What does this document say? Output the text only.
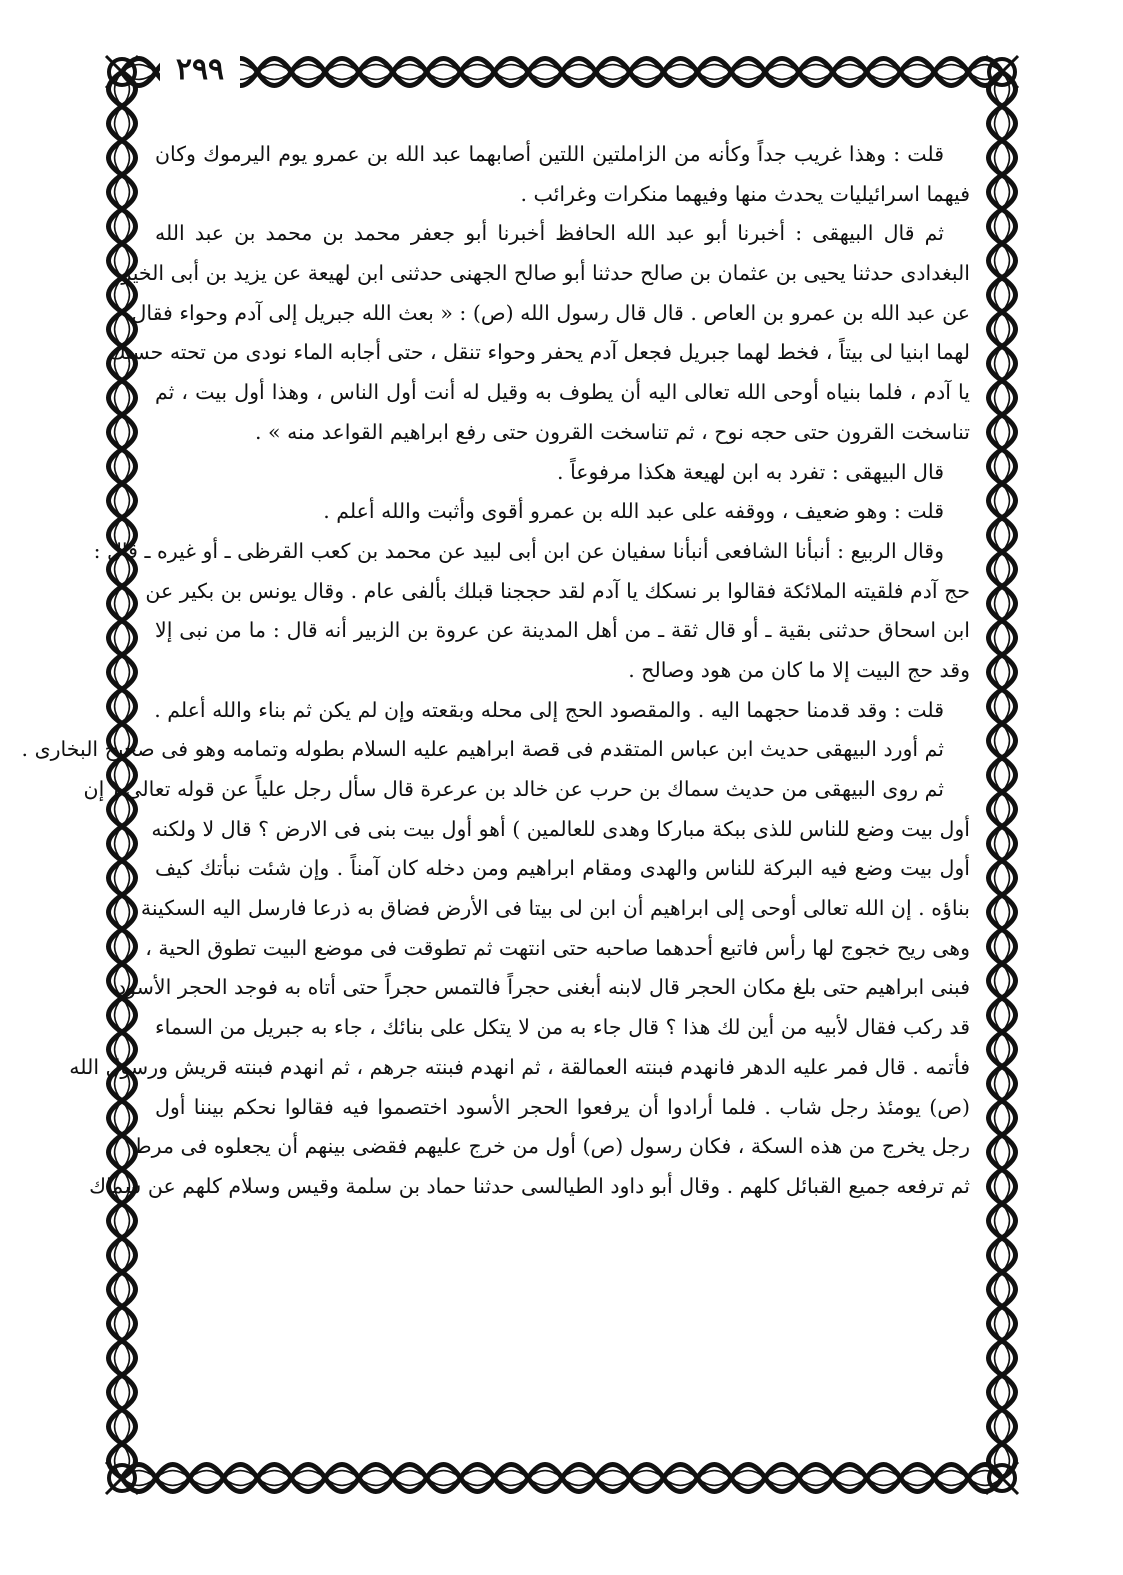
٢٩٩
قلت : وهذا غريب جداً وكأنه من الزاملتين اللتين أصابهما عبد الله بن عمرو يوم اليرموك وكان
فيهما اسرائيليات يحدث منها وفيهما منكرات وغرائب .
ثم قال البيهقى : أخبرنا أبو عبد الله الحافظ أخبرنا أبو جعفر محمد بن محمد بن عبد الله
البغدادى حدثنا يحيى بن عثمان بن صالح حدثنا أبو صالح الجهنى حدثنى ابن لهيعة عن يزيد بن أبى الخير
عن عبد الله بن عمرو بن العاص . قال قال رسول الله (ص) : « بعث الله جبريل إلى آدم وحواء فقال
لهما ابنيا لى بيتاً ، فخط لهما جبريل فجعل آدم يحفر وحواء تنقل ، حتى أجابه الماء نودى من تحته حسبك
يا آدم ، فلما بنياه أوحى الله تعالى اليه أن يطوف به وقيل له أنت أول الناس ، وهذا أول بيت ، ثم
تناسخت القرون حتى حجه نوح ، ثم تناسخت القرون حتى رفع ابراهيم القواعد منه » .
قال البيهقى : تفرد به ابن لهيعة هكذا مرفوعاً .
قلت : وهو ضعيف ، ووقفه على عبد الله بن عمرو أقوى وأثبت والله أعلم .
وقال الربيع : أنبأنا الشافعى أنبأنا سفيان عن ابن أبى لبيد عن محمد بن كعب القرظى ـ أو غيره ـ قال :
حج آدم فلقيته الملائكة فقالوا بر نسكك يا آدم لقد حججنا قبلك بألفى عام . وقال يونس بن بكير عن
ابن اسحاق حدثنى بقية ـ أو قال ثقة ـ من أهل المدينة عن عروة بن الزبير أنه قال : ما من نبى إلا
وقد حج البيت إلا ما كان من هود وصالح .
قلت : وقد قدمنا حجهما اليه . والمقصود الحج إلى محله وبقعته وإن لم يكن ثم بناء والله أعلم .
ثم أورد البيهقى حديث ابن عباس المتقدم فى قصة ابراهيم عليه السلام بطوله وتمامه وهو فى صحيح البخارى .
ثم روى البيهقى من حديث سماك بن حرب عن خالد بن عرعرة قال سأل رجل علياً عن قوله تعالى ( إن
أول بيت وضع للناس للذى ببكة مباركا وهدى للعالمين ) أهو أول بيت بنى فى الارض ؟ قال لا ولكنه
أول بيت وضع فيه البركة للناس والهدى ومقام ابراهيم ومن دخله كان آمناً . وإن شئت نبأتك كيف
بناؤه . إن الله تعالى أوحى إلى ابراهيم أن ابن لى بيتا فى الأرض فضاق به ذرعا فارسل اليه السكينة
وهى ريح خجوج لها رأس فاتبع أحدهما صاحبه حتى انتهت ثم تطوقت فى موضع البيت تطوق الحية ،
فبنى ابراهيم حتى بلغ مكان الحجر قال لابنه أبغنى حجراً فالتمس حجراً حتى أتاه به فوجد الحجر الأسود
قد ركب فقال لأبيه من أين لك هذا ؟ قال جاء به من لا يتكل على بنائك ، جاء به جبريل من السماء
فأتمه . قال فمر عليه الدهر فانهدم فبنته العمالقة ، ثم انهدم فبنته جرهم ، ثم انهدم فبنته قريش ورسول الله
(ص) يومئذ رجل شاب . فلما أرادوا أن يرفعوا الحجر الأسود اختصموا فيه فقالوا نحكم بيننا أول
رجل يخرج من هذه السكة ، فكان رسول (ص) أول من خرج عليهم فقضى بينهم أن يجعلوه فى مرط
ثم ترفعه جميع القبائل كلهم . وقال أبو داود الطيالسى حدثنا حماد بن سلمة وقيس وسلام كلهم عن سماك
